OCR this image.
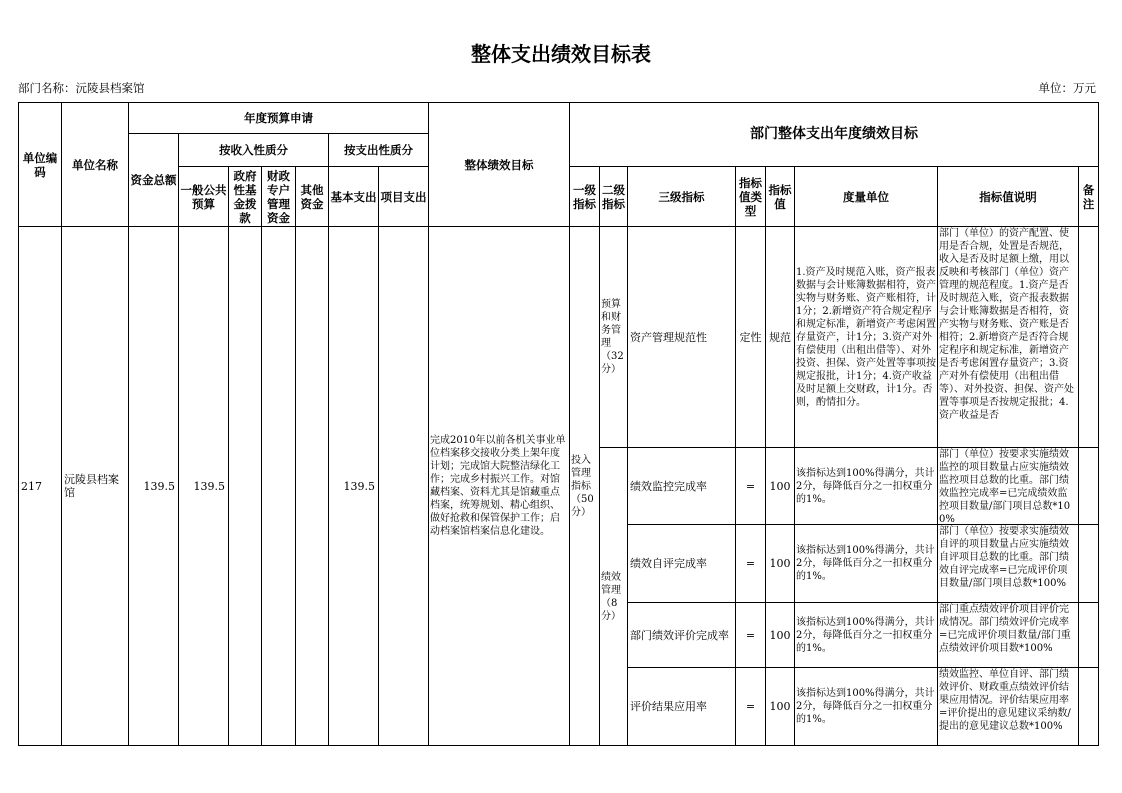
整体支出绩效目标表
部门名称：沅陵县档案馆	单位：万元
单位编码	单位名称	年度预算申请							整体绩效目标	部门整体支出年度绩效目标							
		资金总额	按收入性质分				按支出性质分										
			一般公共预算	政府性基金拨款	财政专户管理资金	其他资金	基本支出	项目支出		一级指标	二级指标	三级指标	指标值类型	指标值	度量单位	指标值说明	备注

217	沅陵县档案馆	139.5	139.5				139.5		完成2010年以前各机关事业单位档案移交接收分类上架年度计划；完成馆大院整洁绿化工作；完成乡村振兴工作。对馆藏档案、资料尤其是馆藏重点档案，统筹规划、精心组织、做好抢救和保管保护工作；启动档案馆档案信息化建设。	投入管理指标（50分）	预算和财务管理（32分）	资产管理规范性	定性	规范	1.资产及时规范入账，资产报表数据与会计账簿数据相符，资产实物与财务账、资产账相符，计1分；2.新增资产符合规定程序和规定标准，新增资产考虑闲置存量资产，计1分；3.资产对外有偿使用（出租出借等）、对外投资、担保、资产处置等事项按规定报批，计1分；4.资产收益及时足额上交财政，计1分。否则，酌情扣分。	部门（单位）的资产配置、使用是否合规，处置是否规范，收入是否及时足额上缴，用以反映和考核部门（单位）资产管理的规范程度。1.资产是否及时规范入账，资产报表数据与会计账簿数据是否相符，资产实物与财务账、资产账是否相符；2.新增资产是否符合规定程序和规定标准，新增资产是否考虑闲置存量资产；3.资产对外有偿使用（出租出借等）、对外投资、担保、资产处置等事项是否按规定报批；4.资产收益是否	

											绩效管理（8分）	绩效监控完成率	=	100	该指标达到100%得满分，共计2分，每降低百分之一扣权重分的1%。	部门（单位）按要求实施绩效监控的项目数量占应实施绩效监控项目总数的比重。部门绩效监控完成率=已完成绩效监控项目数量/部门项目总数*100%	

												绩效自评完成率	=	100	该指标达到100%得满分，共计2分，每降低百分之一扣权重分的1%。	部门（单位）按要求实施绩效自评的项目数量占应实施绩效自评项目总数的比重。部门绩效自评完成率=已完成评价项目数量/部门项目总数*100%	

												部门绩效评价完成率	=	100	该指标达到100%得满分，共计2分，每降低百分之一扣权重分的1%。	部门重点绩效评价项目评价完成情况。部门绩效评价完成率=已完成评价项目数量/部门重点绩效评价项目数*100%	

												评价结果应用率	=	100	该指标达到100%得满分，共计2分，每降低百分之一扣权重分的1%。	绩效监控、单位自评、部门绩效评价、财政重点绩效评价结果应用情况。评价结果应用率=评价提出的意见建议采纳数/提出的意见建议总数*100%	
